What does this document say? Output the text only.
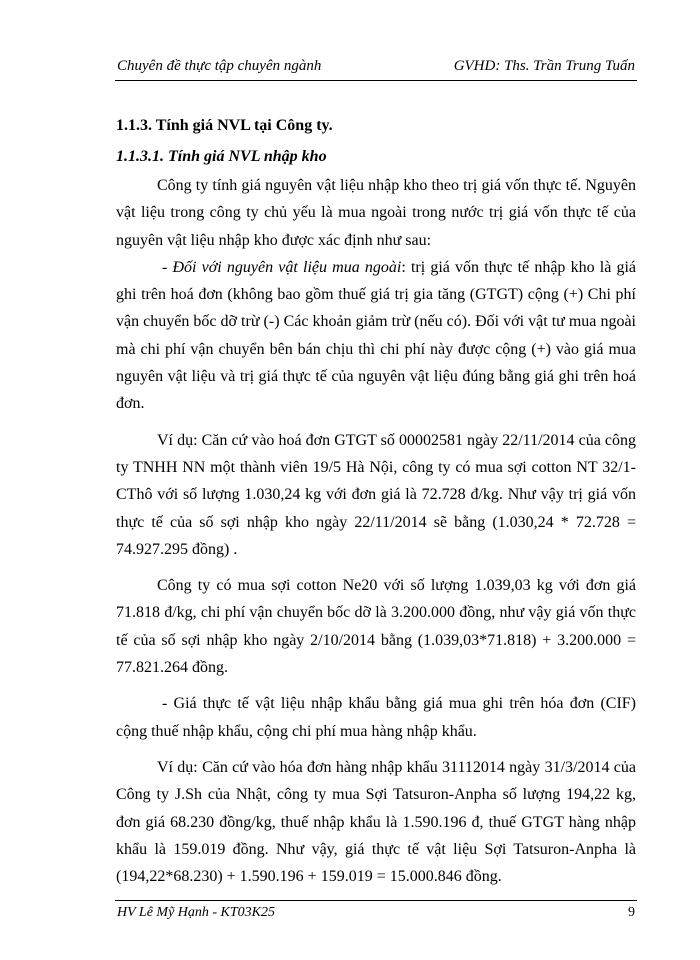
Chuyên đề thực tập chuyên ngành	GVHD: Ths. Trần Trung Tuấn
1.1.3. Tính giá NVL tại Công ty.
1.1.3.1. Tính giá NVL nhập kho

Công ty tính giá nguyên vật liệu nhập kho theo trị giá vốn thực tế. Nguyên vật liệu trong công ty chủ yếu là mua ngoài trong nước trị giá vốn thực tế của nguyên vật liệu nhập kho được xác định như sau:

- Đối với nguyên vật liệu mua ngoài: trị giá vốn thực tế nhập kho là giá ghi trên hoá đơn (không bao gồm thuế giá trị gia tăng (GTGT) cộng (+) Chi phí vận chuyển bốc dỡ trừ (-) Các khoản giảm trừ (nếu có). Đối với vật tư mua ngoài mà chi phí vận chuyển bên bán chịu thì chi phí này được cộng (+) vào giá mua nguyên vật liệu và trị giá thực tế của nguyên vật liệu đúng bằng giá ghi trên hoá đơn.

Ví dụ: Căn cứ vào hoá đơn GTGT số 00002581 ngày 22/11/2014 của công ty TNHH NN một thành viên 19/5 Hà Nội, công ty có mua sợi cotton NT 32/1- CThô với số lượng 1.030,24 kg với đơn giá là 72.728 đ/kg. Như vậy trị giá vốn thực tế của số sợi nhập kho ngày 22/11/2014 sẽ bằng (1.030,24 * 72.728 = 74.927.295 đồng) .

Công ty có mua sợi cotton Ne20 với số lượng 1.039,03 kg với đơn giá 71.818 đ/kg, chi phí vận chuyển bốc dỡ là 3.200.000 đồng, như vậy giá vốn thực tế của số sợi nhập kho ngày 2/10/2014 bằng (1.039,03*71.818) + 3.200.000 = 77.821.264 đồng.

- Giá thực tế vật liệu nhập khẩu bằng giá mua ghi trên hóa đơn (CIF) cộng thuế nhập khẩu, cộng chi phí mua hàng nhập khẩu.

Ví dụ: Căn cứ vào hóa đơn hàng nhập khẩu 31112014 ngày 31/3/2014 của Công ty J.Sh của Nhật, công ty mua Sợi Tatsuron-Anpha số lượng 194,22 kg, đơn giá 68.230 đồng/kg, thuế nhập khẩu là 1.590.196 đ, thuế GTGT hàng nhập khẩu là 159.019 đồng. Như vậy, giá thực tế vật liệu Sợi Tatsuron-Anpha là (194,22*68.230) + 1.590.196 + 159.019 = 15.000.846 đồng.

HV Lê Mỹ Hạnh - KT03K25	9
